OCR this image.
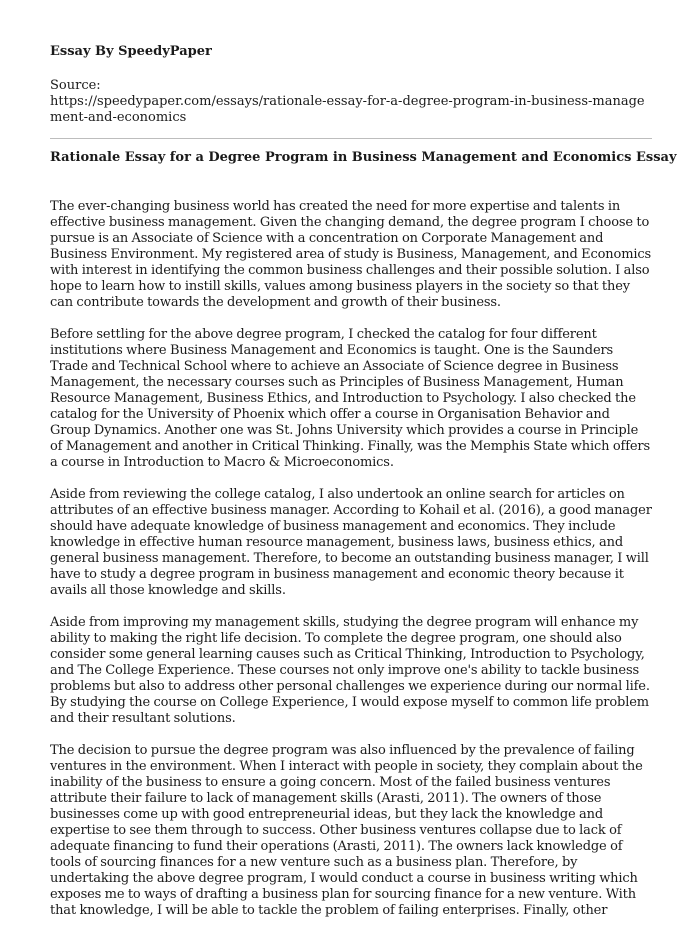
Essay By SpeedyPaper

Source:

https://speedypaper.com/essays/rationale-essay-for-a-degree-program-in-business-management-and-economics

Rationale Essay for a Degree Program in Business Management and Economics Essay

The ever-changing business world has created the need for more expertise and talents in effective business management. Given the changing demand, the degree program I choose to pursue is an Associate of Science with a concentration on Corporate Management and Business Environment. My registered area of study is Business, Management, and Economics with interest in identifying the common business challenges and their possible solution. I also hope to learn how to instill skills, values among business players in the society so that they can contribute towards the development and growth of their business.

Before settling for the above degree program, I checked the catalog for four different institutions where Business Management and Economics is taught. One is the Saunders Trade and Technical School where to achieve an Associate of Science degree in Business Management, the necessary courses such as Principles of Business Management, Human Resource Management, Business Ethics, and Introduction to Psychology. I also checked the catalog for the University of Phoenix which offer a course in Organisation Behavior and Group Dynamics. Another one was St. Johns University which provides a course in Principle of Management and another in Critical Thinking. Finally, was the Memphis State which offers a course in Introduction to Macro & Microeconomics.

Aside from reviewing the college catalog, I also undertook an online search for articles on attributes of an effective business manager. According to Kohail et al. (2016), a good manager should have adequate knowledge of business management and economics. They include knowledge in effective human resource management, business laws, business ethics, and general business management. Therefore, to become an outstanding business manager, I will have to study a degree program in business management and economic theory because it avails all those knowledge and skills.

Aside from improving my management skills, studying the degree program will enhance my ability to making the right life decision. To complete the degree program, one should also consider some general learning causes such as Critical Thinking, Introduction to Psychology, and The College Experience. These courses not only improve one's ability to tackle business problems but also to address other personal challenges we experience during our normal life. By studying the course on College Experience, I would expose myself to common life problem and their resultant solutions.

The decision to pursue the degree program was also influenced by the prevalence of failing ventures in the environment. When I interact with people in society, they complain about the inability of the business to ensure a going concern. Most of the failed business ventures attribute their failure to lack of management skills (Arasti, 2011). The owners of those businesses come up with good entrepreneurial ideas, but they lack the knowledge and expertise to see them through to success. Other business ventures collapse due to lack of adequate financing to fund their operations (Arasti, 2011). The owners lack knowledge of tools of sourcing finances for a new venture such as a business plan. Therefore, by undertaking the above degree program, I would conduct a course in business writing which exposes me to ways of drafting a business plan for sourcing finance for a new venture. With that knowledge, I will be able to tackle the problem of failing enterprises. Finally, other
